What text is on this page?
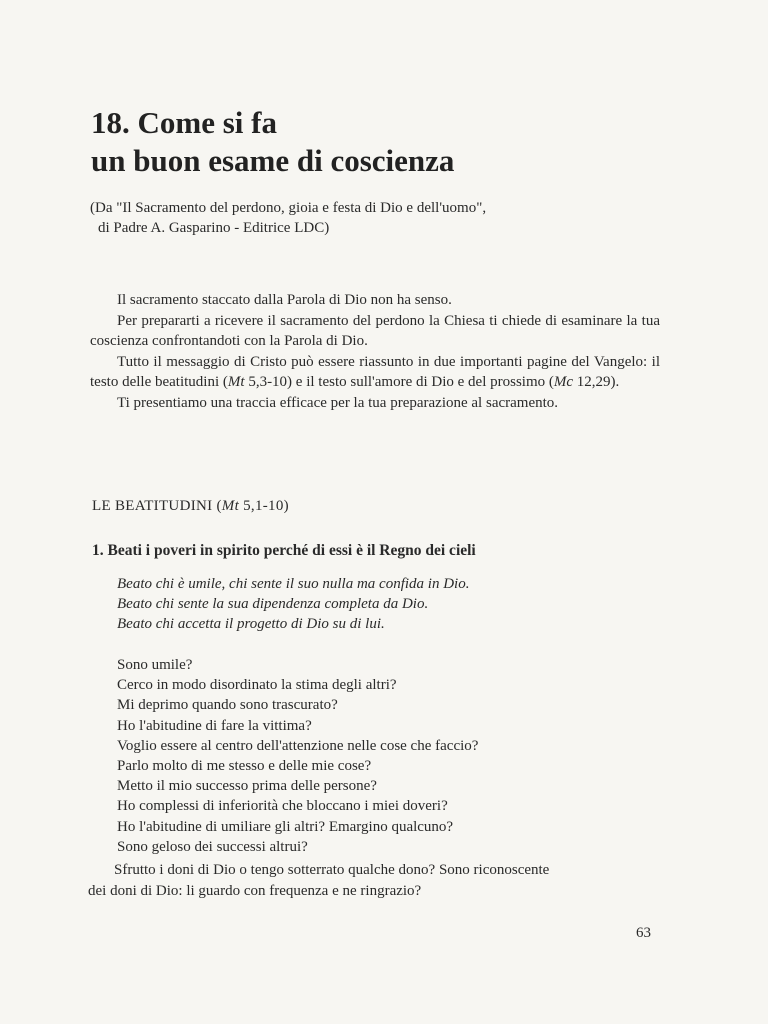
18. Come si fa
un buon esame di coscienza
(Da "Il Sacramento del perdono, gioia e festa di Dio e dell'uomo",
di Padre A. Gasparino - Editrice LDC)

Il sacramento staccato dalla Parola di Dio non ha senso.

Per prepararti a ricevere il sacramento del perdono la Chiesa ti chiede di esaminare la tua coscienza confrontandoti con la Parola di Dio.

Tutto il messaggio di Cristo può essere riassunto in due importanti pagine del Vangelo: il testo delle beatitudini (Mt 5,3-10) e il testo sull'amore di Dio e del prossimo (Mc 12,29).

Ti presentiamo una traccia efficace per la tua preparazione al sacramento.

LE BEATITUDINI (Mt 5,1-10)
1. Beati i poveri in spirito perché di essi è il Regno dei cieli
Beato chi è umile, chi sente il suo nulla ma confida in Dio.
Beato chi sente la sua dipendenza completa da Dio.
Beato chi accetta il progetto di Dio su di lui.
Sono umile?
Cerco in modo disordinato la stima degli altri?
Mi deprimo quando sono trascurato?
Ho l'abitudine di fare la vittima?
Voglio essere al centro dell'attenzione nelle cose che faccio?
Parlo molto di me stesso e delle mie cose?
Metto il mio successo prima delle persone?
Ho complessi di inferiorità che bloccano i miei doveri?
Ho l'abitudine di umiliare gli altri? Emargino qualcuno?
Sono geloso dei successi altrui?
Sfrutto i doni di Dio o tengo sotterrato qualche dono? Sono riconoscente
dei doni di Dio: li guardo con frequenza e ne ringrazio?
63
